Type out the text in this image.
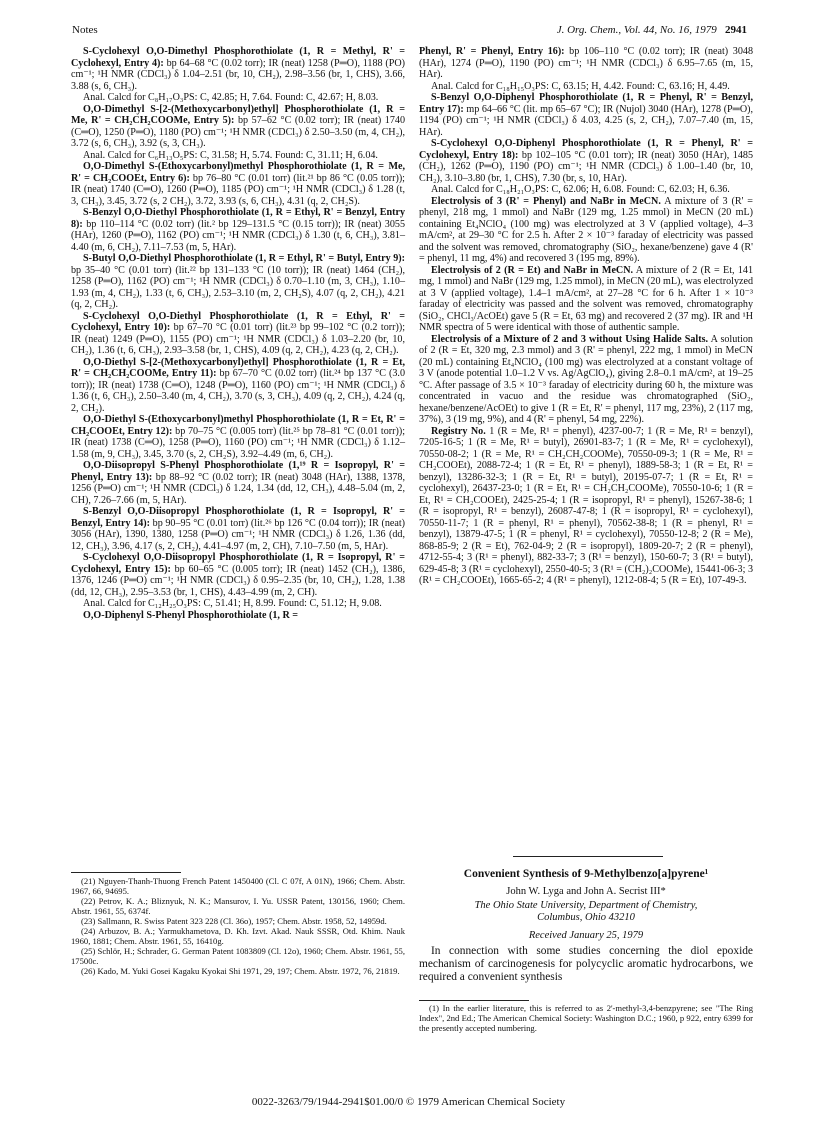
Notes	J. Org. Chem., Vol. 44, No. 16, 1979 2941

S-Cyclohexyl O,O-Dimethyl Phosphorothiolate (1, R = Methyl, R' = Cyclohexyl, Entry 4): bp 64–68 °C (0.02 torr); IR (neat) 1258 (P═O), 1188 (PO) cm⁻¹; ¹H NMR (CDCl₃) δ 1.04–2.51 (br, 10, CH₂), 2.98–3.56 (br, 1, CHS), 3.66, 3.88 (s, 6, CH₃).

Anal. Calcd for C₈H₁₇O₃PS: C, 42.85; H, 7.64. Found: C, 42.67; H, 8.03.

O,O-Dimethyl S-[2-(Methoxycarbonyl)ethyl] Phosphorothiolate (1, R = Me, R' = CH₂CH₂COOMe, Entry 5): bp 57–62 °C (0.02 torr); IR (neat) 1740 (C═O), 1250 (P═O), 1180 (PO) cm⁻¹; ¹H NMR (CDCl₃) δ 2.50–3.50 (m, 4, CH₂), 3.72 (s, 6, CH₃), 3.92 (s, 3, CH₃).

Anal. Calcd for C₆H₁₃O₅PS: C, 31.58; H, 5.74. Found: C, 31.11; H, 6.04.

O,O-Dimethyl S-(Ethoxycarbonyl)methyl Phosphorothiolate (1, R = Me, R' = CH₂COOEt, Entry 6): bp 76–80 °C (0.01 torr) (lit.²¹ bp 86 °C (0.05 torr)); IR (neat) 1740 (C═O), 1260 (P═O), 1185 (PO) cm⁻¹; ¹H NMR (CDCl₃) δ 1.28 (t, 3, CH₃), 3.45, 3.72 (s, 2 CH₂), 3.72, 3.93 (s, 6, CH₃), 4.31 (q, 2, CH₂S).

S-Benzyl O,O-Diethyl Phosphorothiolate (1, R = Ethyl, R' = Benzyl, Entry 8): bp 110–114 °C (0.02 torr) (lit.² bp 129–131.5 °C (0.15 torr)); IR (neat) 3055 (HAr), 1260 (P═O), 1162 (PO) cm⁻¹; ¹H NMR (CDCl₃) δ 1.30 (t, 6, CH₃), 3.81–4.40 (m, 6, CH₂), 7.11–7.53 (m, 5, HAr).

S-Butyl O,O-Diethyl Phosphorothiolate (1, R = Ethyl, R' = Butyl, Entry 9): bp 35–40 °C (0.01 torr) (lit.²² bp 131–133 °C (10 torr)); IR (neat) 1464 (CH₂), 1258 (P═O), 1162 (PO) cm⁻¹; ¹H NMR (CDCl₃) δ 0.70–1.10 (m, 3, CH₃), 1.10–1.93 (m, 4, CH₂), 1.33 (t, 6, CH₃), 2.53–3.10 (m, 2, CH₂S), 4.07 (q, 2, CH₂), 4.21 (q, 2, CH₂).

S-Cyclohexyl O,O-Diethyl Phosphorothiolate (1, R = Ethyl, R' = Cyclohexyl, Entry 10): bp 67–70 °C (0.01 torr) (lit.²³ bp 99–102 °C (0.2 torr)); IR (neat) 1249 (P═O), 1155 (PO) cm⁻¹; ¹H NMR (CDCl₃) δ 1.03–2.20 (br, 10, CH₂), 1.36 (t, 6, CH₃), 2.93–3.58 (br, 1, CHS), 4.09 (q, 2, CH₂), 4.23 (q, 2, CH₂).

O,O-Diethyl S-[2-(Methoxycarbonyl)ethyl] Phosphorothiolate (1, R = Et, R' = CH₂CH₂COOMe, Entry 11): bp 67–70 °C (0.02 torr) (lit.²⁴ bp 137 °C (3.0 torr)); IR (neat) 1738 (C═O), 1248 (P═O), 1160 (PO) cm⁻¹; ¹H NMR (CDCl₃) δ 1.36 (t, 6, CH₃), 2.50–3.40 (m, 4, CH₂), 3.70 (s, 3, CH₃), 4.09 (q, 2, CH₂), 4.24 (q, 2, CH₂).

O,O-Diethyl S-(Ethoxycarbonyl)methyl Phosphorothiolate (1, R = Et, R' = CH₂COOEt, Entry 12): bp 70–75 °C (0.005 torr) (lit.²⁵ bp 78–81 °C (0.01 torr)); IR (neat) 1738 (C═O), 1258 (P═O), 1160 (PO) cm⁻¹; ¹H NMR (CDCl₃) δ 1.12–1.58 (m, 9, CH₃), 3.45, 3.70 (s, 2, CH₂S), 3.92–4.49 (m, 6, CH₂).

O,O-Diisopropyl S-Phenyl Phosphorothiolate (1,¹⁹ R = Isopropyl, R' = Phenyl, Entry 13): bp 88–92 °C (0.02 torr); IR (neat) 3048 (HAr), 1388, 1378, 1256 (P═O) cm⁻¹; ¹H NMR (CDCl₃) δ 1.24, 1.34 (dd, 12, CH₃), 4.48–5.04 (m, 2, CH), 7.26–7.66 (m, 5, HAr).

S-Benzyl O,O-Diisopropyl Phosphorothiolate (1, R = Isopropyl, R' = Benzyl, Entry 14): bp 90–95 °C (0.01 torr) (lit.²⁶ bp 126 °C (0.04 torr)); IR (neat) 3056 (HAr), 1390, 1380, 1258 (P═O) cm⁻¹; ¹H NMR (CDCl₃) δ 1.26, 1.36 (dd, 12, CH₃), 3.96, 4.17 (s, 2, CH₂), 4.41–4.97 (m, 2, CH), 7.10–7.50 (m, 5, HAr).

S-Cyclohexyl O,O-Diisopropyl Phosphorothiolate (1, R = Isopropyl, R' = Cyclohexyl, Entry 15): bp 60–65 °C (0.005 torr); IR (neat) 1452 (CH₂), 1386, 1376, 1246 (P═O) cm⁻¹; ¹H NMR (CDCl₃) δ 0.95–2.35 (br, 10, CH₂), 1.28, 1.38 (dd, 12, CH₃), 2.95–3.53 (br, 1, CHS), 4.43–4.99 (m, 2, CH).

Anal. Calcd for C₁₂H₂₅O₃PS: C, 51.41; H, 8.99. Found: C, 51.12; H, 9.08.

O,O-Diphenyl S-Phenyl Phosphorothiolate (1, R =

Phenyl, R' = Phenyl, Entry 16): bp 106–110 °C (0.02 torr); IR (neat) 3048 (HAr), 1274 (P═O), 1190 (PO) cm⁻¹; ¹H NMR (CDCl₃) δ 6.95–7.65 (m, 15, HAr).

Anal. Calcd for C₁₈H₁₅O₃PS: C, 63.15; H, 4.42. Found: C, 63.16; H, 4.49.

S-Benzyl O,O-Diphenyl Phosphorothiolate (1, R = Phenyl, R' = Benzyl, Entry 17): mp 64–66 °C (lit. mp 65–67 °C); IR (Nujol) 3040 (HAr), 1278 (P═O), 1194 (PO) cm⁻¹; ¹H NMR (CDCl₃) δ 4.03, 4.25 (s, 2, CH₂), 7.07–7.40 (m, 15, HAr).

S-Cyclohexyl O,O-Diphenyl Phosphorothiolate (1, R = Phenyl, R' = Cyclohexyl, Entry 18): bp 102–105 °C (0.01 torr); IR (neat) 3050 (HAr), 1485 (CH₂), 1262 (P═O), 1190 (PO) cm⁻¹; ¹H NMR (CDCl₃) δ 1.00–1.40 (br, 10, CH₂), 3.10–3.80 (br, 1, CHS), 7.30 (br, s, 10, HAr).

Anal. Calcd for C₁₈H₂₁O₃PS: C, 62.06; H, 6.08. Found: C, 62.03; H, 6.36.

Electrolysis of 3 (R' = Phenyl) and NaBr in MeCN. A mixture of 3 (R' = phenyl, 218 mg, 1 mmol) and NaBr (129 mg, 1.25 mmol) in MeCN (20 mL) containing Et₄NClO₄ (100 mg) was electrolyzed at 3 V (applied voltage), 4–3 mA/cm², at 29–30 °C for 2.5 h. After 2 × 10⁻³ faraday of electricity was passed and the solvent was removed, chromatography (SiO₂, hexane/benzene) gave 4 (R' = phenyl, 11 mg, 4%) and recovered 3 (195 mg, 89%).

Electrolysis of 2 (R = Et) and NaBr in MeCN. A mixture of 2 (R = Et, 141 mg, 1 mmol) and NaBr (129 mg, 1.25 mmol), in MeCN (20 mL), was electrolyzed at 3 V (applied voltage), 1.4–1 mA/cm², at 27–28 °C for 6 h. After 1 × 10⁻³ faraday of electricity was passed and the solvent was removed, chromatography (SiO₂, CHCl₃/AcOEt) gave 5 (R = Et, 63 mg) and recovered 2 (37 mg). IR and ¹H NMR spectra of 5 were identical with those of authentic sample.

Electrolysis of a Mixture of 2 and 3 without Using Halide Salts. A solution of 2 (R = Et, 320 mg, 2.3 mmol) and 3 (R' = phenyl, 222 mg, 1 mmol) in MeCN (20 mL) containing Et₄NClO₄ (100 mg) was electrolyzed at a constant voltage of 3 V (anode potential 1.0–1.2 V vs. Ag/AgClO₄), giving 2.8–0.1 mA/cm², at 19–25 °C. After passage of 3.5 × 10⁻³ faraday of electricity during 60 h, the mixture was concentrated in vacuo and the residue was chromatographed (SiO₂, hexane/benzene/AcOEt) to give 1 (R = Et, R' = phenyl, 117 mg, 23%), 2 (117 mg, 37%), 3 (19 mg, 9%), and 4 (R' = phenyl, 54 mg, 22%).

Registry No. 1 (R = Me, R¹ = phenyl), 4237-00-7; 1 (R = Me, R¹ = benzyl), 7205-16-5; 1 (R = Me, R¹ = butyl), 26901-83-7; 1 (R = Me, R¹ = cyclohexyl), 70550-08-2; 1 (R = Me, R¹ = CH₂CH₂COOMe), 70550-09-3; 1 (R = Me, R¹ = CH₂COOEt), 2088-72-4; 1 (R = Et, R¹ = phenyl), 1889-58-3; 1 (R = Et, R¹ = benzyl), 13286-32-3; 1 (R = Et, R¹ = butyl), 20195-07-7; 1 (R = Et, R¹ = cyclohexyl), 26437-23-0; 1 (R = Et, R¹ = CH₂CH₂COOMe), 70550-10-6; 1 (R = Et, R¹ = CH₂COOEt), 2425-25-4; 1 (R = isopropyl, R¹ = phenyl), 15267-38-6; 1 (R = isopropyl, R¹ = benzyl), 26087-47-8; 1 (R = isopropyl, R¹ = cyclohexyl), 70550-11-7; 1 (R = phenyl, R¹ = phenyl), 70562-38-8; 1 (R = phenyl, R¹ = benzyl), 13879-47-5; 1 (R = phenyl, R¹ = cyclohexyl), 70550-12-8; 2 (R = Me), 868-85-9; 2 (R = Et), 762-04-9; 2 (R = isopropyl), 1809-20-7; 2 (R = phenyl), 4712-55-4; 3 (R¹ = phenyl), 882-33-7; 3 (R¹ = benzyl), 150-60-7; 3 (R¹ = butyl), 629-45-8; 3 (R¹ = cyclohexyl), 2550-40-5; 3 (R¹ = (CH₂)₂COOMe), 15441-06-3; 3 (R¹ = CH₂COOEt), 1665-65-2; 4 (R¹ = phenyl), 1212-08-4; 5 (R = Et), 107-49-3.

(21) Nguyen-Thanh-Thuong French Patent 1450400 (Cl. C 07f, A 01N), 1966; Chem. Abstr. 1967, 66, 94695.

(22) Petrov, K. A.; Bliznyuk, N. K.; Mansurov, I. Yu. USSR Patent, 130156, 1960; Chem. Abstr. 1961, 55, 6374f.

(23) Sallmann, R. Swiss Patent 323 228 (Cl. 36o), 1957; Chem. Abstr. 1958, 52, 14959d.

(24) Arbuzov, B. A.; Yarmukhametova, D. Kh. Izvt. Akad. Nauk SSSR, Otd. Khim. Nauk 1960, 1881; Chem. Abstr. 1961, 55, 16410g.

(25) Schlör, H.; Schrader, G. German Patent 1083809 (Cl. 12o), 1960; Chem. Abstr. 1961, 55, 17500c.

(26) Kado, M. Yuki Gosei Kagaku Kyokai Shi 1971, 29, 197; Chem. Abstr. 1972, 76, 21819.

Convenient Synthesis of 9-Methylbenzo[a]pyrene¹
John W. Lyga and John A. Secrist III*
The Ohio State University, Department of Chemistry,
Columbus, Ohio 43210
Received January 25, 1979
In connection with some studies concerning the diol epoxide mechanism of carcinogenesis for polycyclic aromatic hydrocarbons, we required a convenient synthesis
(1) In the earlier literature, this is referred to as 2'-methyl-3,4-benzpyrene; see "The Ring Index", 2nd Ed.; The American Chemical Society: Washington D.C.; 1960, p 922, entry 6399 for the presently accepted numbering.
0022-3263/79/1944-2941$01.00/0 © 1979 American Chemical Society
